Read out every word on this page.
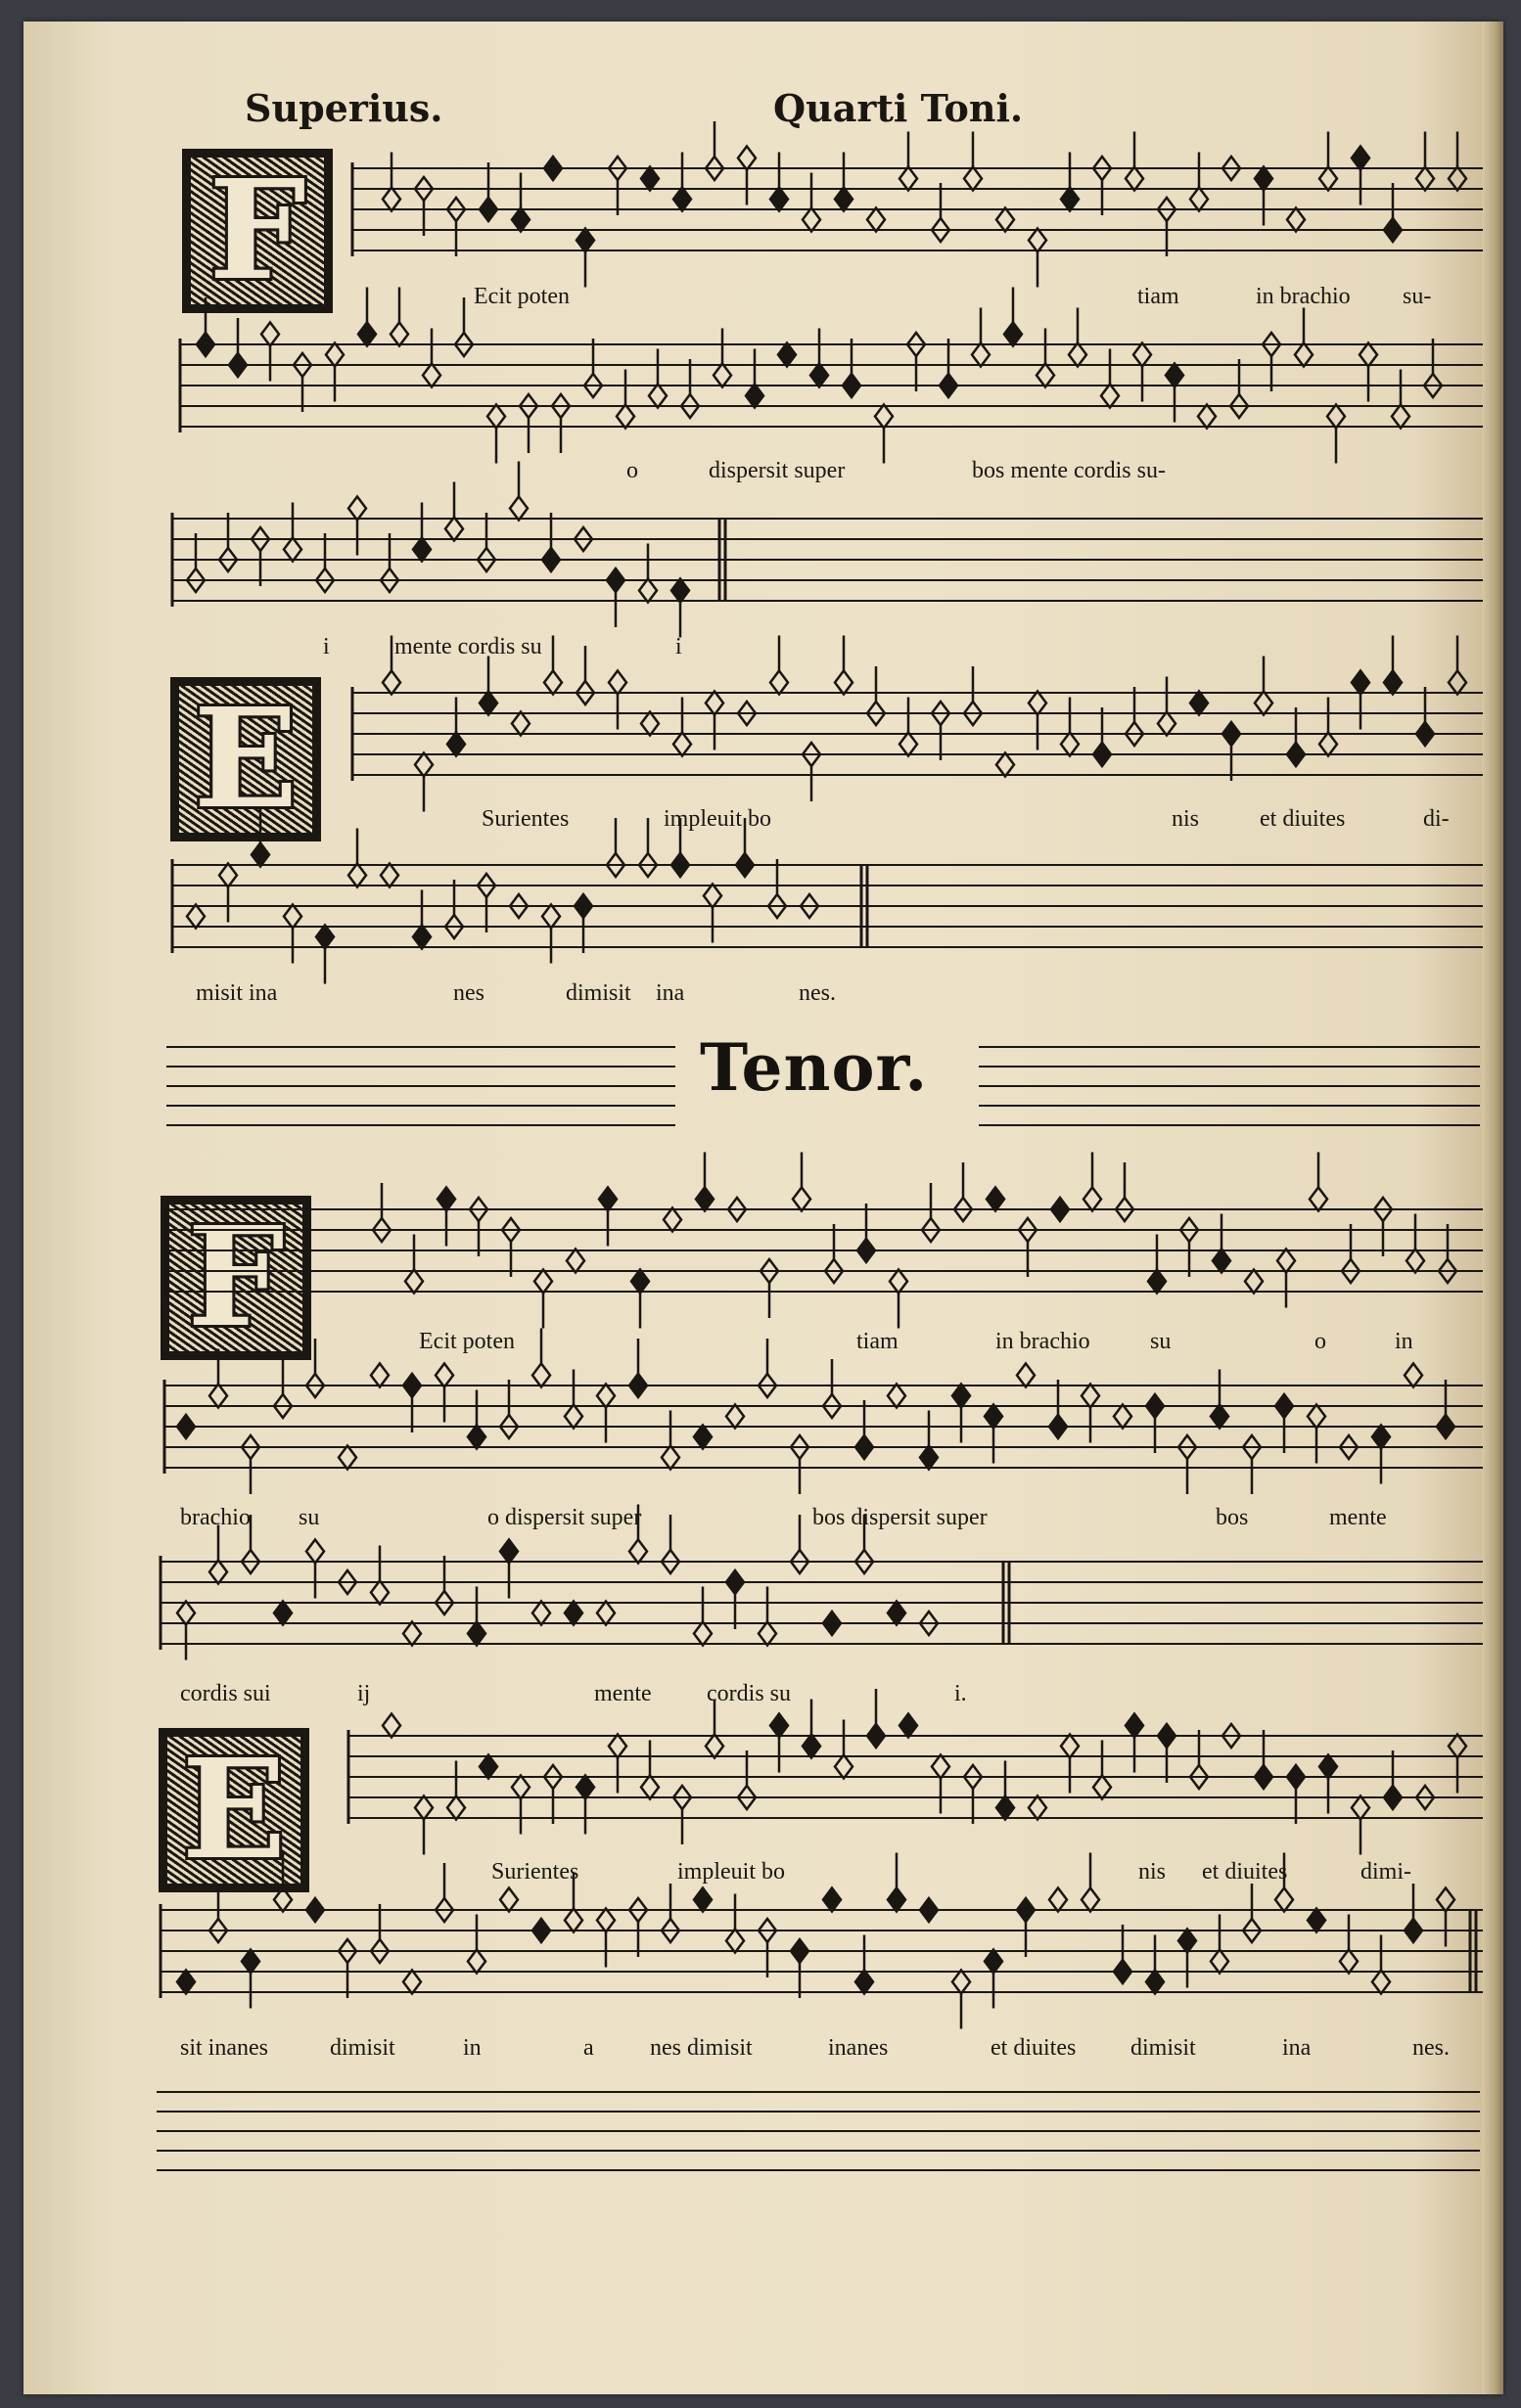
Superius.	Quarti Toni.
F
E
F
E
Tenor.
Ecit poten	tiam	in brachio su-
o	dispersit super	bos mente cordis su-
i	mente cordis su	i
Surientes	impleuit bo	nis	et diuites	di-
misit ina	nes	dimisit ina	nes.
Ecit poten	tiam	in brachio	su	o	in
brachio su	o dispersit super	bos dispersit super	bos	mente
cordis sui	ij	mente cordis su	i.
Surientes	impleuit bo	nis et diuites	dimi-
sit inanes	dimisit	in	a nes dimisit	inanes	et diuites dimisit	ina	nes.
